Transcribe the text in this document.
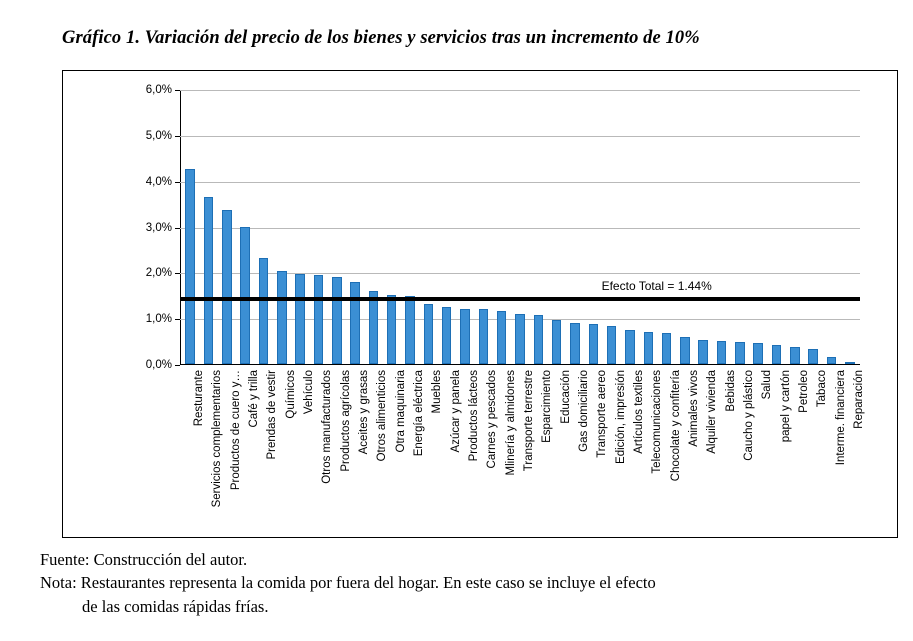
Gráfico 1. Variación del precio de los bienes y servicios tras un incremento de 10%
0,0%
1,0%
2,0%
3,0%
4,0%
5,0%
6,0%
Efecto Total = 1.44%
Resturante Servicios complementarios Productos de cuero y… Café y trilla Prendas de vestir Químicos Vehículo Otros manufacturados Productos agrícolas Aceites y grasas Otros alimenticios Otra maquinaria Energía eléctrica Muebles Azúcar y panela Productos lácteos Carnes y pescados Mlinería y almidones Transporte terrestre Esparcimiento Educación Gas domiciliario Transporte aereo Edición, impresión Artículos textiles Telecomunicaciones Chocolate y confitería Animales vivos Alquiler vivienda Bebidas Caucho y plástico Salud papel y cartón Petroleo Tabaco Interme. financiera Reparación
Fuente: Construcción del autor.
Nota: Restaurantes representa la comida por fuera del hogar. En este caso se incluye el efecto
de las comidas rápidas frías.
